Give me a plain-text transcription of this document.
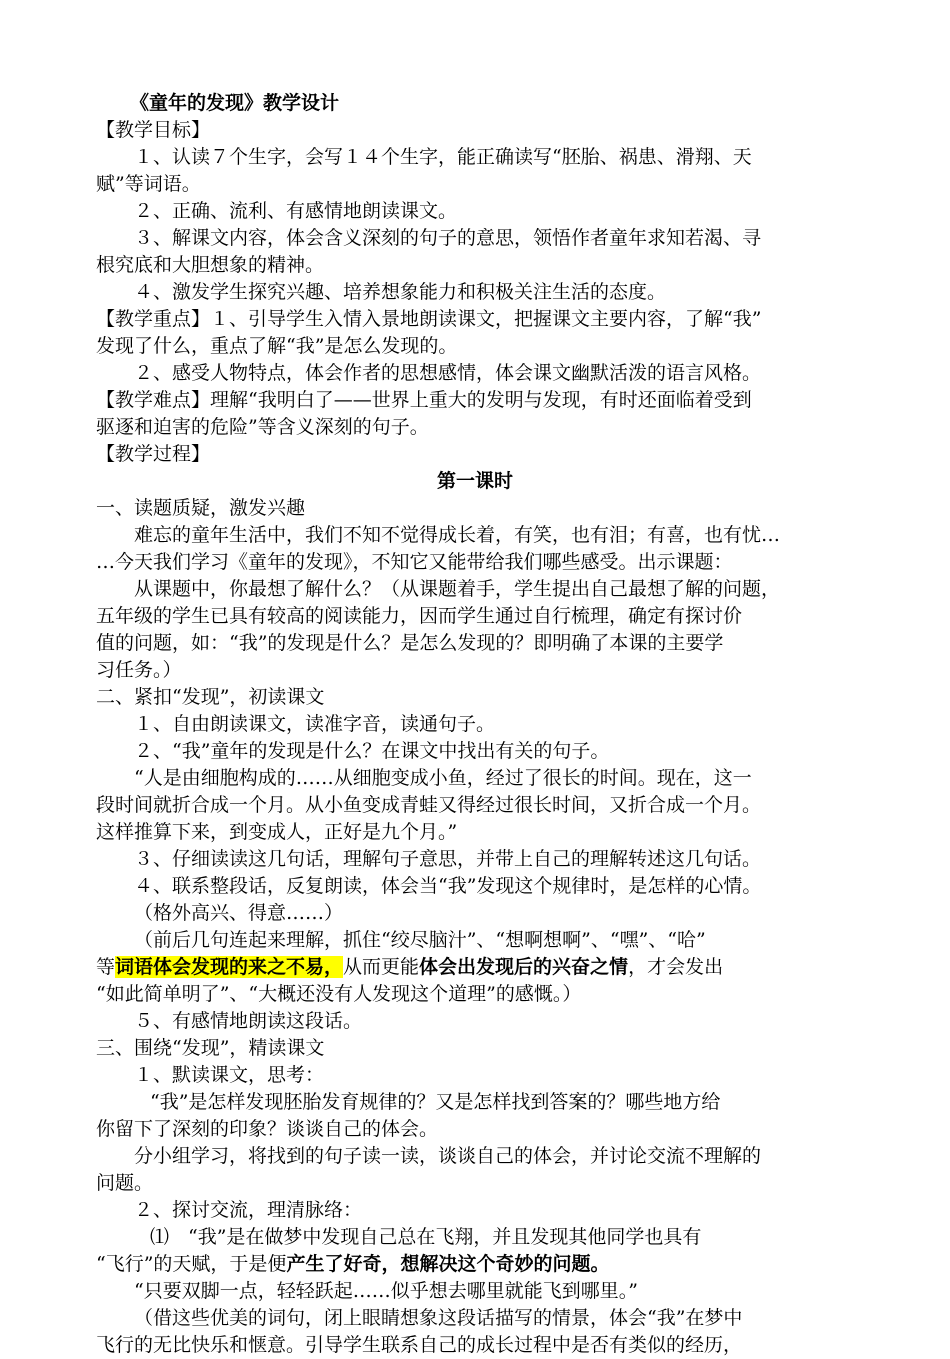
《童年的发现》教学设计
【教学目标】
１、认读７个生字，会写１４个生字，能正确读写“胚胎、祸患、滑翔、天
赋”等词语。
２、正确、流利、有感情地朗读课文。
３、解课文内容，体会含义深刻的句子的意思，领悟作者童年求知若渴、寻
根究底和大胆想象的精神。
４、激发学生探究兴趣、培养想象能力和积极关注生活的态度。
【教学重点】１、引导学生入情入景地朗读课文，把握课文主要内容，了解“我”
发现了什么，重点了解“我”是怎么发现的。
２、感受人物特点，体会作者的思想感情，体会课文幽默活泼的语言风格。
【教学难点】理解“我明白了——世界上重大的发明与发现，有时还面临着受到
驱逐和迫害的危险”等含义深刻的句子。
【教学过程】
第一课时
一、读题质疑，激发兴趣
难忘的童年生活中，我们不知不觉得成长着，有笑，也有泪；有喜，也有忧…
…今天我们学习《童年的发现》，不知它又能带给我们哪些感受。出示课题：
从课题中，你最想了解什么？（从课题着手，学生提出自己最想了解的问题，
五年级的学生已具有较高的阅读能力，因而学生通过自行梳理，确定有探讨价
值的问题，如：“我”的发现是什么？是怎么发现的？即明确了本课的主要学
习任务。）
二、紧扣“发现”，初读课文
１、自由朗读课文，读准字音，读通句子。
２、“我”童年的发现是什么？在课文中找出有关的句子。
“人是由细胞构成的……从细胞变成小鱼，经过了很长的时间。现在，这一
段时间就折合成一个月。从小鱼变成青蛙又得经过很长时间，又折合成一个月。
这样推算下来，到变成人，正好是九个月。”
３、仔细读读这几句话，理解句子意思，并带上自己的理解转述这几句话。
４、联系整段话，反复朗读，体会当“我”发现这个规律时，是怎样的心情。
（格外高兴、得意……）
（前后几句连起来理解，抓住“绞尽脑汁”、“想啊想啊”、“嘿”、“哈”
等词语体会发现的来之不易，从而更能体会出发现后的兴奋之情，才会发出
“如此简单明了”、“大概还没有人发现这个道理”的感慨。）
５、有感情地朗读这段话。
三、围绕“发现”，精读课文
１、默读课文，思考：
“我”是怎样发现胚胎发育规律的？又是怎样找到答案的？哪些地方给
你留下了深刻的印象？谈谈自己的体会。
分小组学习，将找到的句子读一读，谈谈自己的体会，并讨论交流不理解的
问题。
２、探讨交流，理清脉络：
⑴　“我”是在做梦中发现自己总在飞翔，并且发现其他同学也具有
“飞行”的天赋，于是便产生了好奇，想解决这个奇妙的问题。
“只要双脚一点，轻轻跃起……似乎想去哪里就能飞到哪里。”
（借这些优美的词句，闭上眼睛想象这段话描写的情景，体会“我”在梦中
飞行的无比快乐和惬意。引导学生联系自己的成长过程中是否有类似的经历，
